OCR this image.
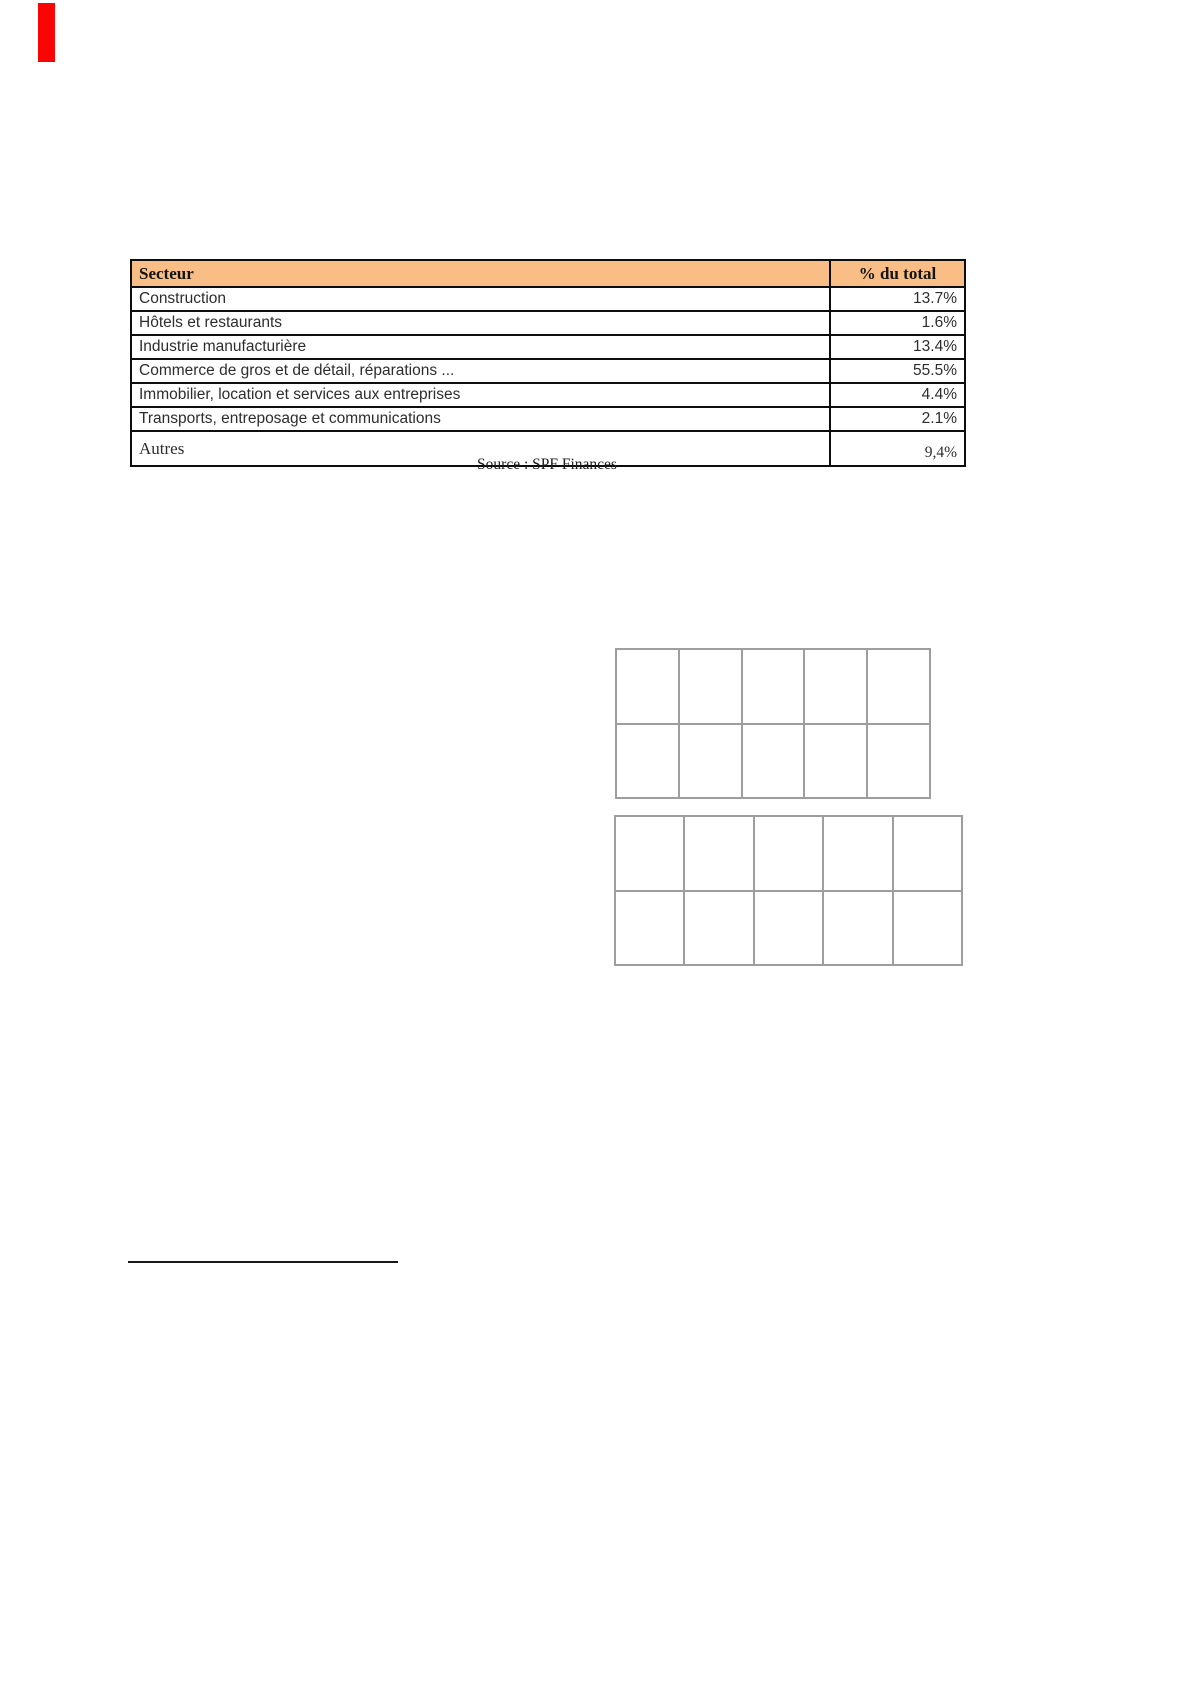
Secteur	% du total
Construction	13.7%
Hôtels et restaurants	1.6%
Industrie manufacturière	13.4%
Commerce de gros et de détail, réparations ...	55.5%
Immobilier, location et services aux entreprises	4.4%
Transports, entreposage et communications	2.1%
Autres	9,4%
Source : SPF Finances
